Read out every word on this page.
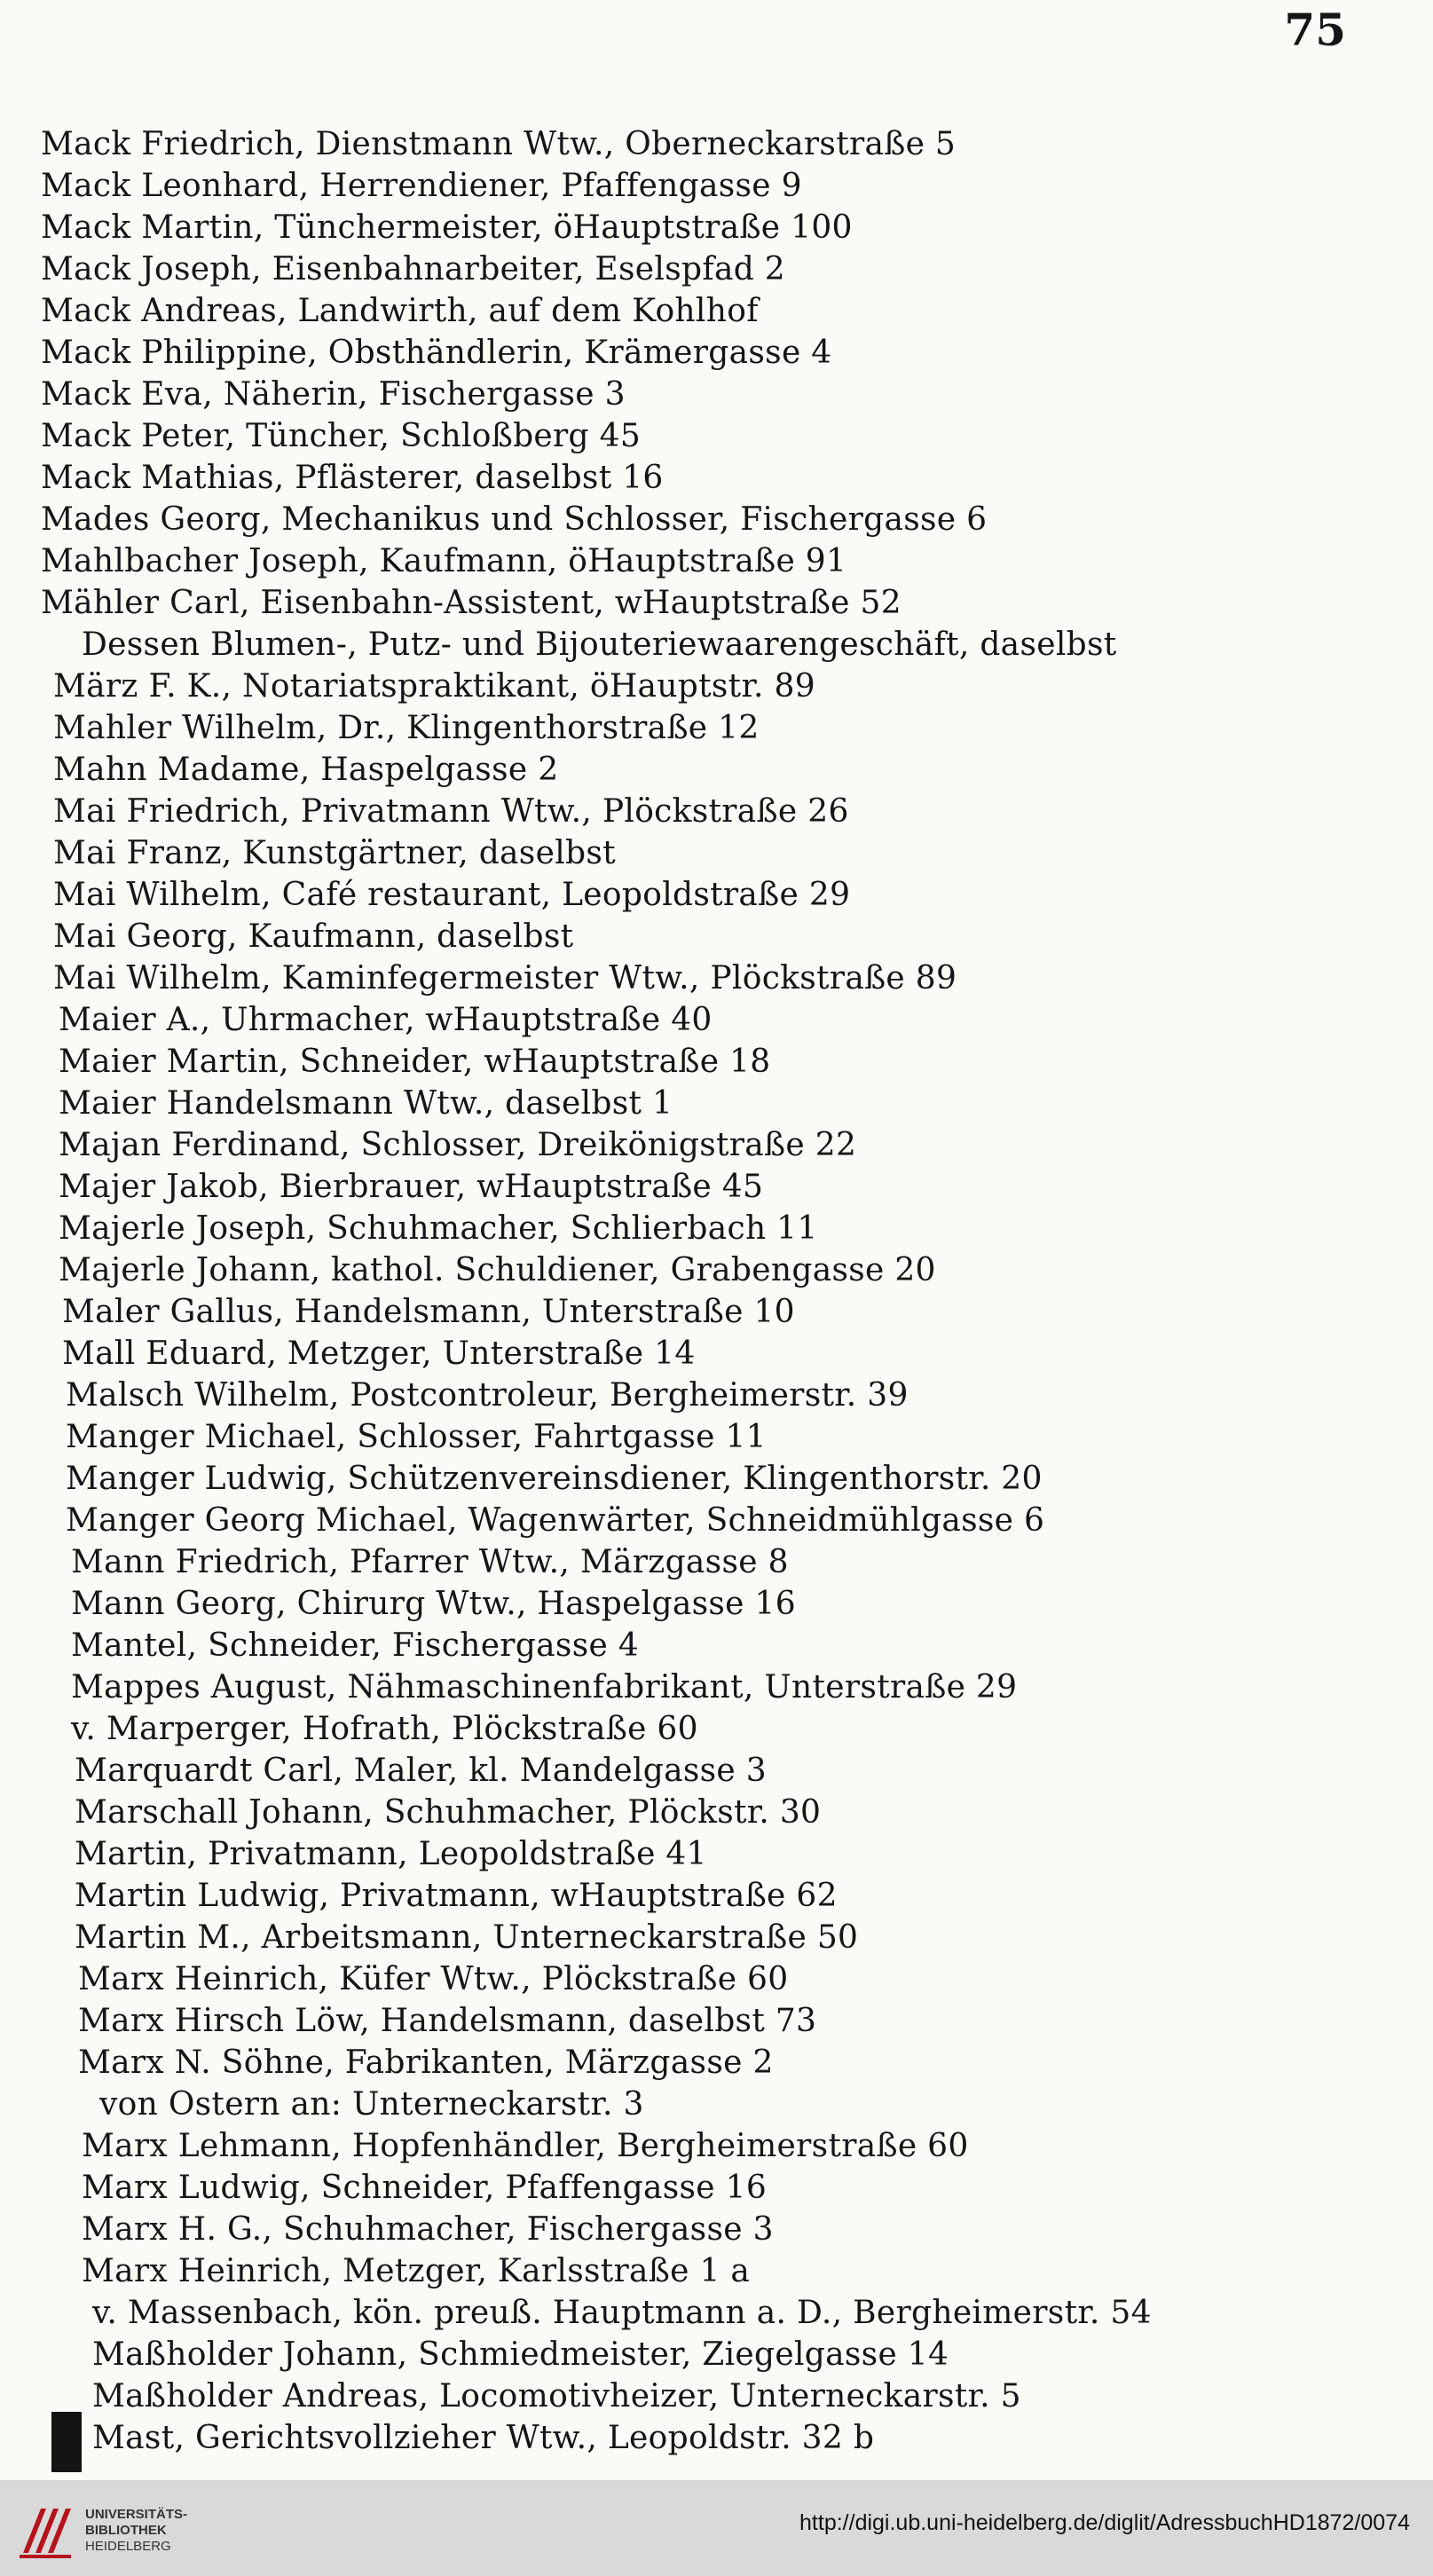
75
Mack Friedrich, Dienstmann Wtw., Oberneckarstraße 5
Mack Leonhard, Herrendiener, Pfaffengasse 9
Mack Martin, Tünchermeister, öHauptstraße 100
Mack Joseph, Eisenbahnarbeiter, Eselspfad 2
Mack Andreas, Landwirth, auf dem Kohlhof
Mack Philippine, Obsthändlerin, Krämergasse 4
Mack Eva, Näherin, Fischergasse 3
Mack Peter, Tüncher, Schloßberg 45
Mack Mathias, Pflästerer, daselbst 16
Mades Georg, Mechanikus und Schlosser, Fischergasse 6
Mahlbacher Joseph, Kaufmann, öHauptstraße 91
Mähler Carl, Eisenbahn-Assistent, wHauptstraße 52
Dessen Blumen-, Putz- und Bijouteriewaarengeschäft, daselbst
März F. K., Notariatspraktikant, öHauptstr. 89
Mahler Wilhelm, Dr., Klingenthorstraße 12
Mahn Madame, Haspelgasse 2
Mai Friedrich, Privatmann Wtw., Plöckstraße 26
Mai Franz, Kunstgärtner, daselbst
Mai Wilhelm, Café restaurant, Leopoldstraße 29
Mai Georg, Kaufmann, daselbst
Mai Wilhelm, Kaminfegermeister Wtw., Plöckstraße 89
Maier A., Uhrmacher, wHauptstraße 40
Maier Martin, Schneider, wHauptstraße 18
Maier Handelsmann Wtw., daselbst 1
Majan Ferdinand, Schlosser, Dreikönigstraße 22
Majer Jakob, Bierbrauer, wHauptstraße 45
Majerle Joseph, Schuhmacher, Schlierbach 11
Majerle Johann, kathol. Schuldiener, Grabengasse 20
Maler Gallus, Handelsmann, Unterstraße 10
Mall Eduard, Metzger, Unterstraße 14
Malsch Wilhelm, Postcontroleur, Bergheimerstr. 39
Manger Michael, Schlosser, Fahrtgasse 11
Manger Ludwig, Schützenvereinsdiener, Klingenthorstr. 20
Manger Georg Michael, Wagenwärter, Schneidmühlgasse 6
Mann Friedrich, Pfarrer Wtw., Märzgasse 8
Mann Georg, Chirurg Wtw., Haspelgasse 16
Mantel, Schneider, Fischergasse 4
Mappes August, Nähmaschinenfabrikant, Unterstraße 29
v. Marperger, Hofrath, Plöckstraße 60
Marquardt Carl, Maler, kl. Mandelgasse 3
Marschall Johann, Schuhmacher, Plöckstr. 30
Martin, Privatmann, Leopoldstraße 41
Martin Ludwig, Privatmann, wHauptstraße 62
Martin M., Arbeitsmann, Unterneckarstraße 50
Marx Heinrich, Küfer Wtw., Plöckstraße 60
Marx Hirsch Löw, Handelsmann, daselbst 73
Marx N. Söhne, Fabrikanten, Märzgasse 2
von Ostern an: Unterneckarstr. 3
Marx Lehmann, Hopfenhändler, Bergheimerstraße 60
Marx Ludwig, Schneider, Pfaffengasse 16
Marx H. G., Schuhmacher, Fischergasse 3
Marx Heinrich, Metzger, Karlsstraße 1 a
v. Massenbach, kön. preuß. Hauptmann a. D., Bergheimerstr. 54
Maßholder Johann, Schmiedmeister, Ziegelgasse 14
Maßholder Andreas, Locomotivheizer, Unterneckarstr. 5
Mast, Gerichtsvollzieher Wtw., Leopoldstr. 32 b
UNIVERSITÄTS-
BIBLIOTHEK
HEIDELBERG
http://digi.ub.uni-heidelberg.de/diglit/AdressbuchHD1872/0074
